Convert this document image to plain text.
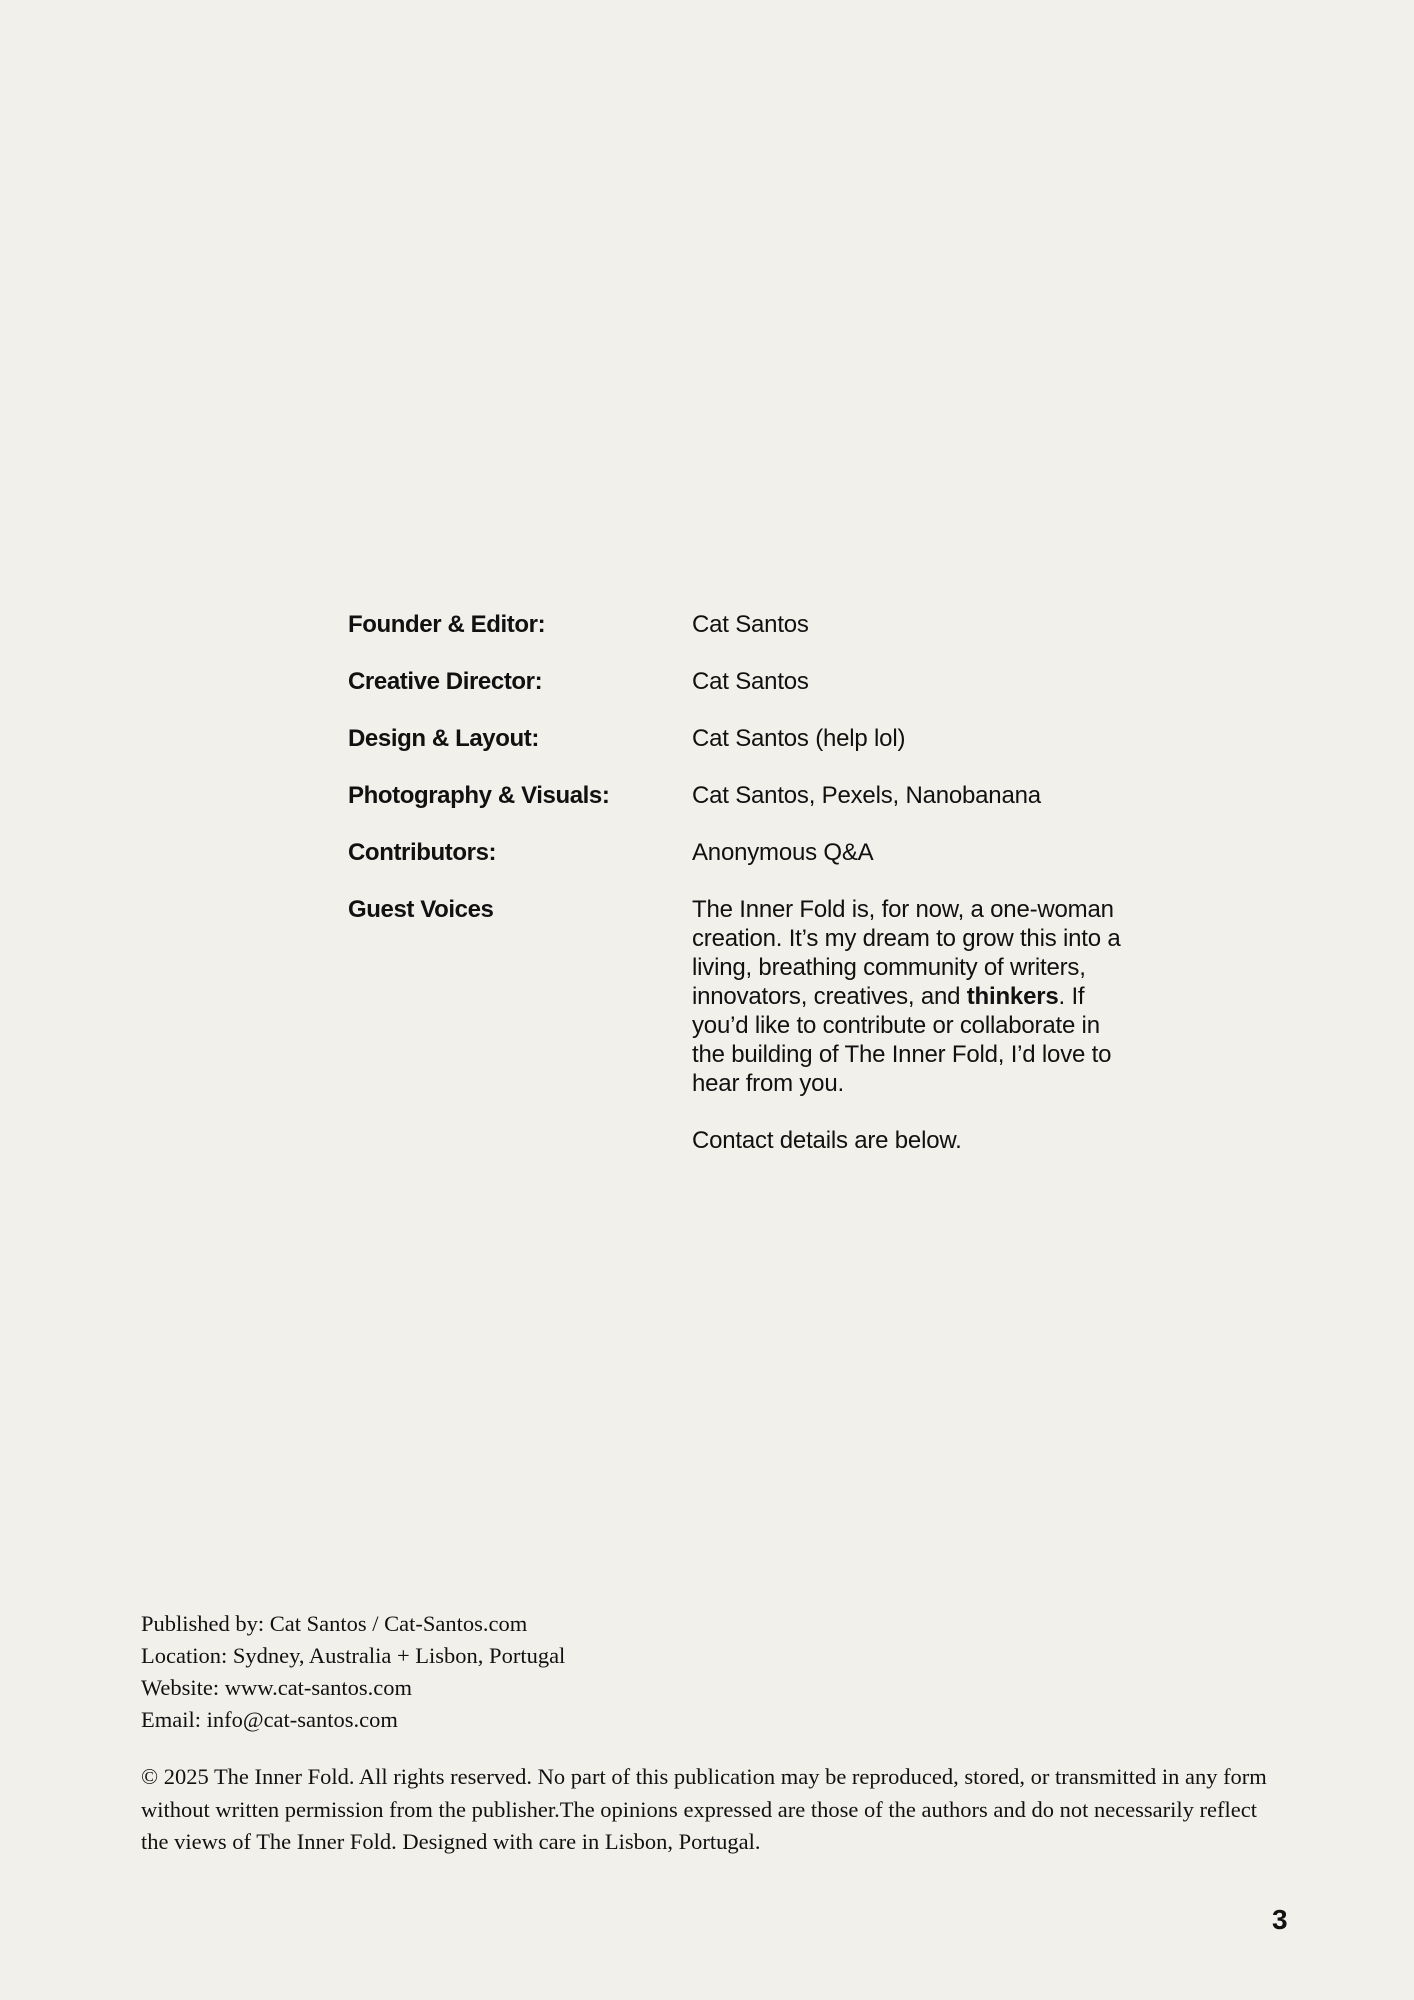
Founder & Editor:	Cat Santos
Creative Director:	Cat Santos
Design & Layout:	Cat Santos (help lol)
Photography & Visuals:	Cat Santos, Pexels, Nanobanana
Contributors:	Anonymous Q&A
Guest Voices	The Inner Fold is, for now, a one-woman creation. It’s my dream to grow this into a living, breathing community of writers, innovators, creatives, and thinkers. If you’d like to contribute or collaborate in the building of The Inner Fold, I’d love to hear from you.

Contact details are below.

Published by: Cat Santos / Cat-Santos.com
Location: Sydney, Australia + Lisbon, Portugal
Website: www.cat-santos.com
Email: info@cat-santos.com

© 2025 The Inner Fold. All rights reserved. No part of this publication may be reproduced, stored, or transmitted in any form without written permission from the publisher.The opinions expressed are those of the authors and do not necessarily reflect the views of The Inner Fold. Designed with care in Lisbon, Portugal.

3
